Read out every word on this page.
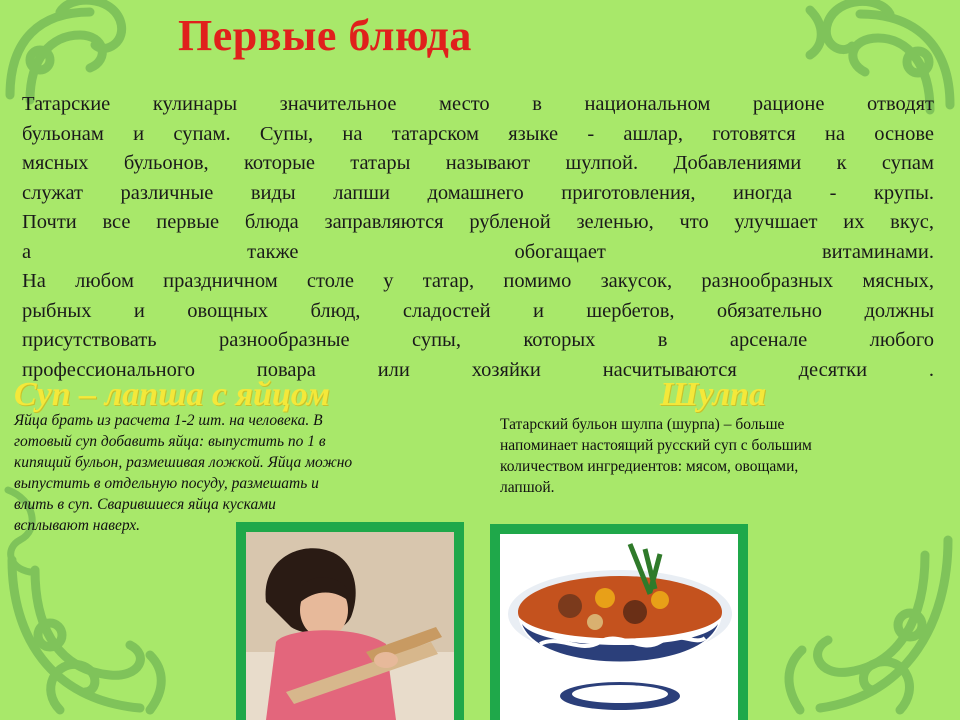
Первые блюда

Татарские кулинары значительное место в национальном рационе отводят

бульонам и супам. Супы, на татарском языке - ашлар, готовятся на основе

мясных бульонов, которые татары называют шулпой. Добавлениями к супам

служат различные виды лапши домашнего приготовления, иногда - крупы.

Почти все первые блюда заправляются рубленой зеленью, что улучшает их вкус,

а также обогащает витаминами.

На любом праздничном столе у татар, помимо закусок, разнообразных мясных,

рыбных и овощных блюд, сладостей и шербетов, обязательно должны

присутствовать разнообразные супы, которых в арсенале любого

профессионального повара или хозяйки насчитываются десятки .

Суп – лапша с яйцом	Шулпа
Яйца брать из расчета 1-2 шт. на человека. В
готовый суп добавить яйца: выпустить по 1 в
кипящий бульон, размешивая ложкой. Яйца можно
выпустить в отдельную посуду, размешать и
влить в суп. Сварившиеся яйца кусками
всплывают наверх.
Татарский бульон шулпа (шурпа) – больше
напоминает настоящий русский суп с большим
количеством ингредиентов: мясом, овощами,
лапшой.
